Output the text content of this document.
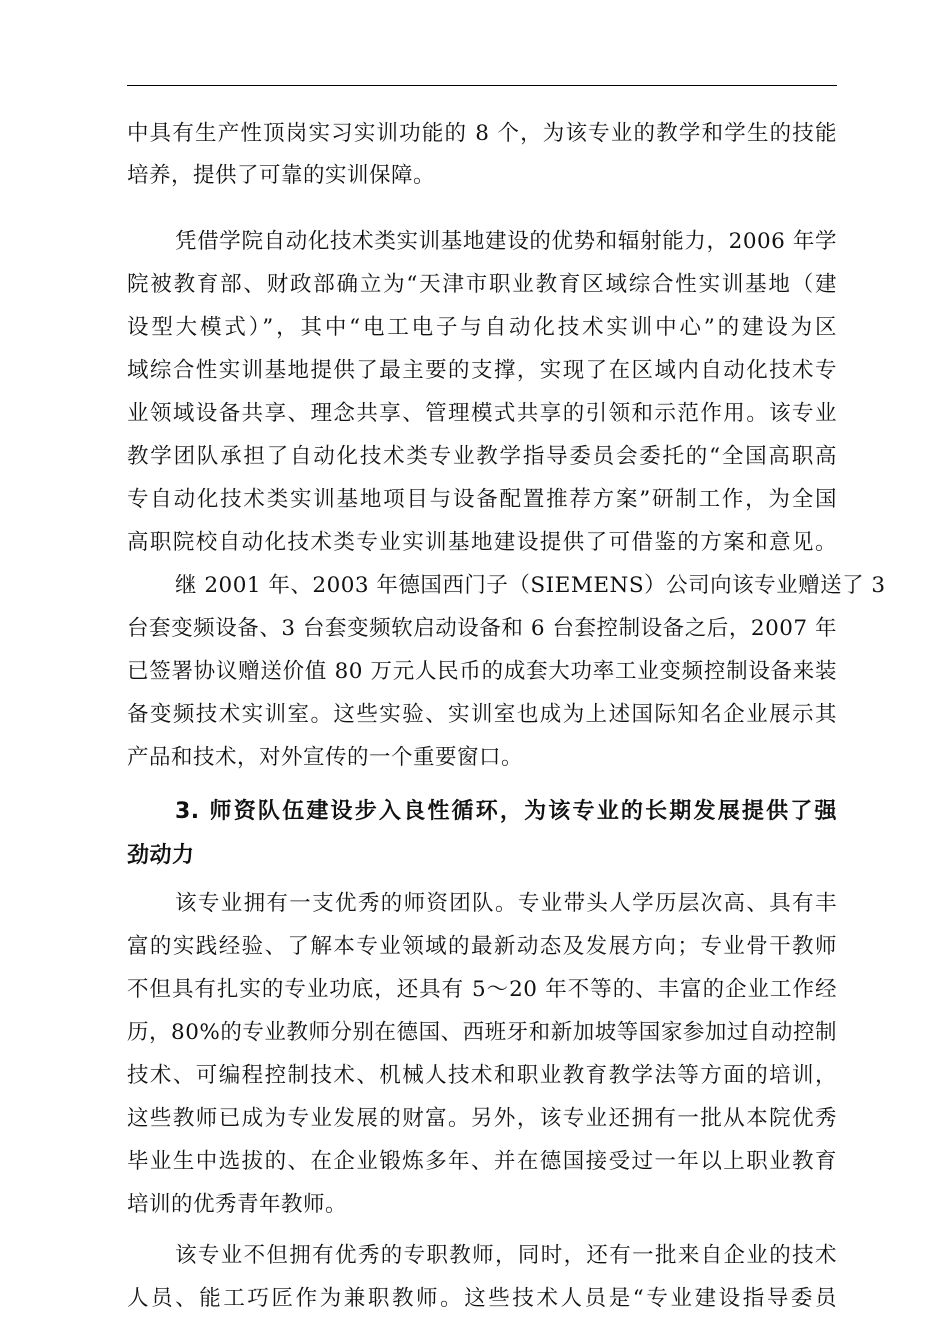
中具有生产性顶岗实习实训功能的 8 个，为该专业的教学和学生的技能
培养，提供了可靠的实训保障。
凭借学院自动化技术类实训基地建设的优势和辐射能力，2006 年学
院被教育部、财政部确立为“天津市职业教育区域综合性实训基地（建
设型大模式）”，其中“电工电子与自动化技术实训中心”的建设为区
域综合性实训基地提供了最主要的支撑，实现了在区域内自动化技术专
业领域设备共享、理念共享、管理模式共享的引领和示范作用。该专业
教学团队承担了自动化技术类专业教学指导委员会委托的“全国高职高
专自动化技术类实训基地项目与设备配置推荐方案”研制工作，为全国
高职院校自动化技术类专业实训基地建设提供了可借鉴的方案和意见。
继 2001 年、2003 年德国西门子（SIEMENS）公司向该专业赠送了 3
台套变频设备、3 台套变频软启动设备和 6 台套控制设备之后，2007 年
已签署协议赠送价值 80 万元人民币的成套大功率工业变频控制设备来装
备变频技术实训室。这些实验、实训室也成为上述国际知名企业展示其
产品和技术，对外宣传的一个重要窗口。
3. 师资队伍建设步入良性循环，为该专业的长期发展提供了强
劲动力
该专业拥有一支优秀的师资团队。专业带头人学历层次高、具有丰
富的实践经验、了解本专业领域的最新动态及发展方向；专业骨干教师
不但具有扎实的专业功底，还具有 5～20 年不等的、丰富的企业工作经
历，80%的专业教师分别在德国、西班牙和新加坡等国家参加过自动控制
技术、可编程控制技术、机械人技术和职业教育教学法等方面的培训，
这些教师已成为专业发展的财富。另外，该专业还拥有一批从本院优秀
毕业生中选拔的、在企业锻炼多年、并在德国接受过一年以上职业教育
培训的优秀青年教师。
该专业不但拥有优秀的专职教师，同时，还有一批来自企业的技术
人员、能工巧匠作为兼职教师。这些技术人员是“专业建设指导委员
